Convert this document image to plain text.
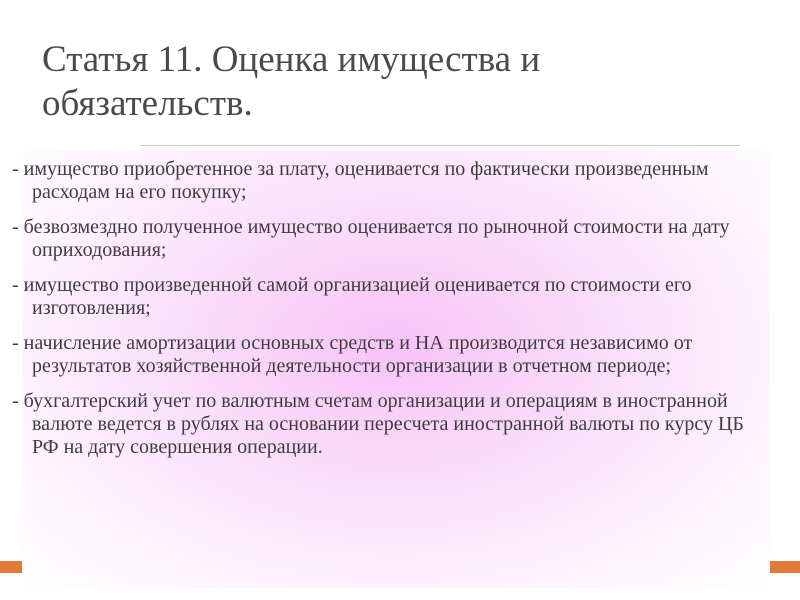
Статья 11. Оценка имущества и обязательств.
- имущество приобретенное за плату, оценивается по фактически произведенным расходам на его покупку;
- безвозмездно полученное имущество оценивается по рыночной стоимости на дату оприходования;
- имущество произведенной самой организацией оценивается по стоимости его изготовления;
- начисление амортизации основных средств и НА производится независимо от результатов хозяйственной деятельности организации в отчетном периоде;
- бухгалтерский учет по валютным счетам организации и операциям в иностранной валюте ведется в рублях на основании пересчета иностранной валюты по курсу ЦБ РФ на дату совершения операции.
